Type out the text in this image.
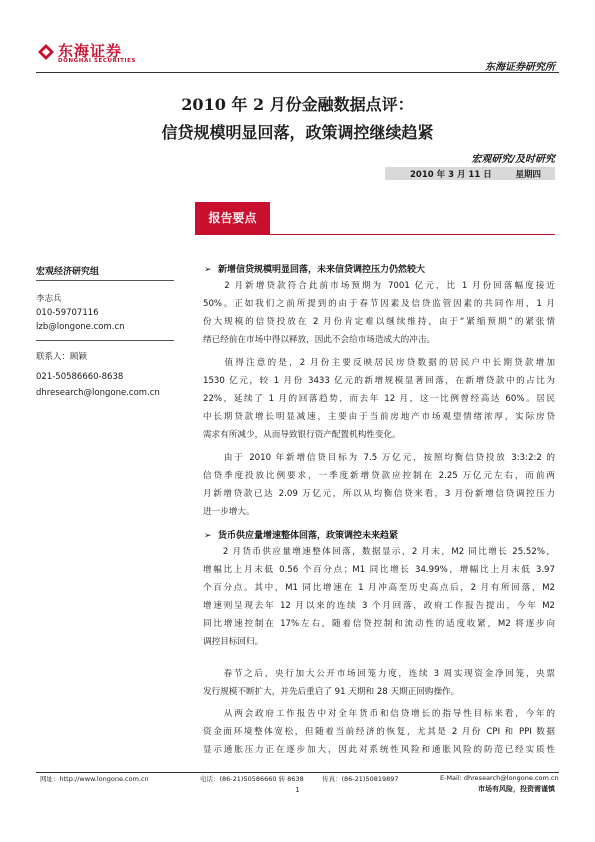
东海证券
DONGHAI SECURITIES
东海证券研究所
2010 年 2 月份金融数据点评：
信贷规模明显回落，政策调控继续趋紧
宏观研究/及时研究
2010 年 3 月 11 日	星期四
报告要点
宏观经济研究组
李志兵
010-59707116
lzb@longone.com.cn
联系人：顾颖
021-50586660-8638
dhresearch@longone.com.cn
➢ 新增信贷规模明显回落，未来信贷调控压力仍然较大
　　2 月新增贷款符合此前市场预期为 7001 亿元，比 1 月份回落幅度接近
50%。正如我们之前所提到的由于春节因素及信贷监管因素的共同作用，1 月
份大规模的信贷投放在 2 月份肯定难以继续维持，由于“紧缩预期”的紧张情
绪已经前在市场中得以释放，因此不会给市场造成大的冲击。
　　值得注意的是，2 月份主要反映居民房贷数据的居民户中长期贷款增加
1530 亿元，较 1 月份 3433 亿元的新增规模显著回落，在新增贷款中的占比为
22%，延续了 1 月的回落趋势，而去年 12 月，这一比例曾经高达 60%。居民
中长期贷款增长明显减速，主要由于当前房地产市场观望情绪浓厚，实际房贷
需求有所减少，从而导致银行资产配置机构性变化。
　　由于 2010 年新增信贷目标为 7.5 万亿元，按照均衡信贷投放 3:3:2:2 的
信贷季度投放比例要求，一季度新增贷款应控制在 2.25 万亿元左右，而前两
月新增贷款已达 2.09 万亿元，所以从均衡信贷来看，3 月份新增信贷调控压力
进一步增大。
➢ 货币供应量增速整体回落，政策调控未来趋紧
　　2 月货币供应量增速整体回落，数据显示，2 月末，M2 同比增长 25.52%，
增幅比上月末低 0.56 个百分点；M1 同比增长 34.99%，增幅比上月末低 3.97
个百分点。其中，M1 同比增速在 1 月冲高至历史高点后，2 月有所回落，M2
增速则呈现去年 12 月以来的连续 3 个月回落，政府工作报告提出，今年 M2
同比增速控制在 17%左右，随着信贷控制和流动性的适度收紧，M2 将逐步向
调控目标回归。
　　春节之后，央行加大公开市场回笼力度，连续 3 周实现资金净回笼，央票
发行规模不断扩大，并先后重启了 91 天期和 28 天期正回购操作。
　　从两会政府工作报告中对全年货币和信贷增长的指导性目标来看，今年的
资金面环境整体宽松，但随着当前经济的恢复，尤其是 2 月份 CPI 和 PPI 数据
显示通胀压力正在逐步加大，因此对系统性风险和通胀风险的防范已经实质性
网址：http://www.longone.com.cn	电话：(86-21)50586660 转 8638	传真：(86-21)50819897	E-Mail: dhresearch@longone.com.cn
1	市场有风险，投资需谨慎
